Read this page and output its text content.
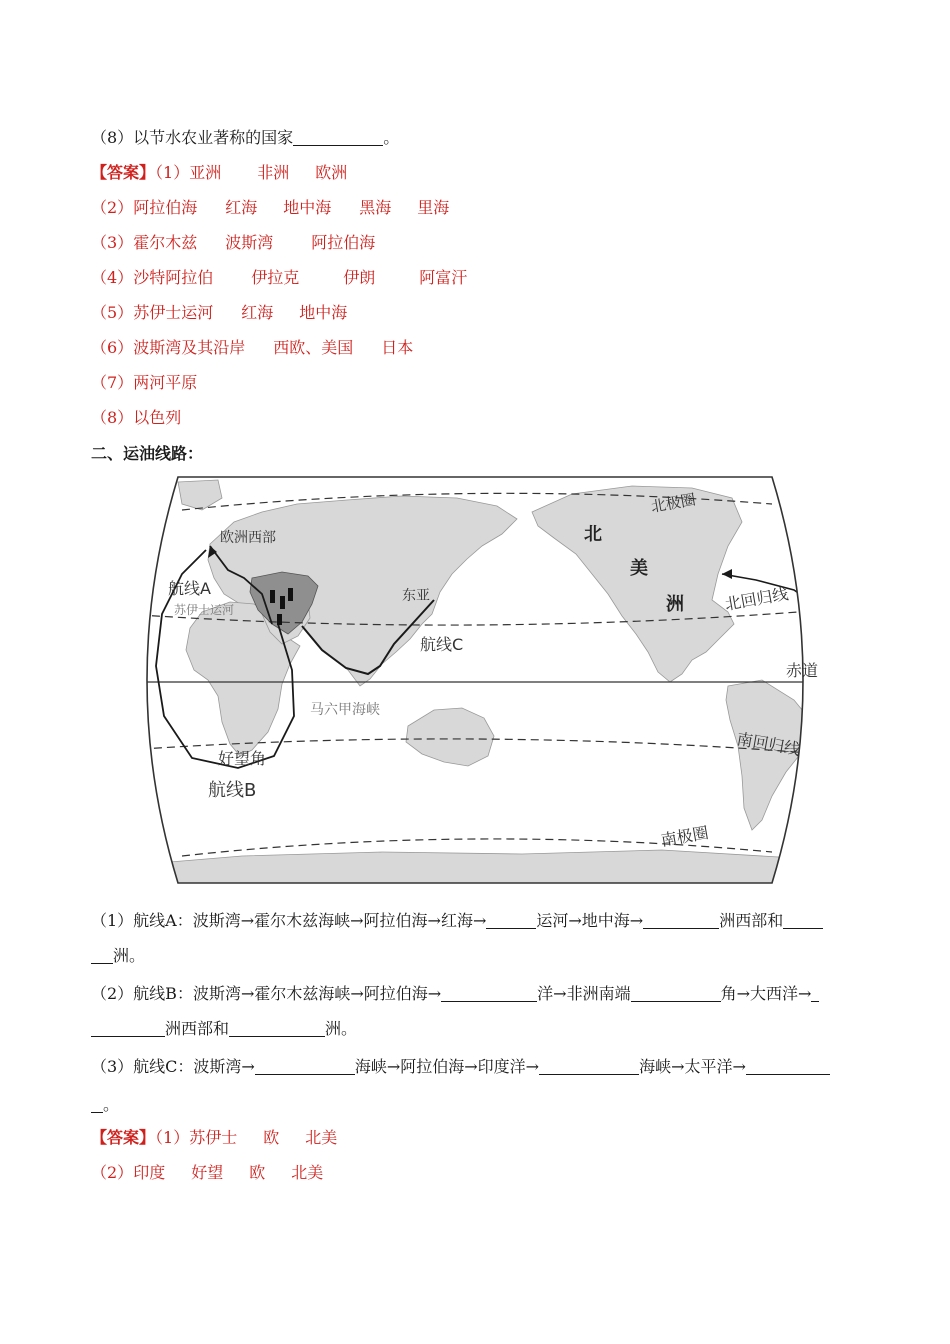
（8）以节水农业著称的国家	。
【答案】（1）亚洲 非洲 欧洲
（2）阿拉伯海 红海 地中海 黑海 里海
（3）霍尔木兹 波斯湾 阿拉伯海
（4）沙特阿拉伯 伊拉克	伊朗	阿富汗
（5）苏伊士运河 红海 地中海
（6）波斯湾及其沿岸 西欧、美国 日本
（7）两河平原
（8）以色列
二、运油线路：
欧洲西部
航线A
苏伊士运河
东亚
航线C
马六甲海峡
好望角
航线B
北
美
洲
北极圈
北回归线
赤道
南回归线
南极圈
（1）航线A：波斯湾→霍尔木兹海峡→阿拉伯海→红海→	运河→地中海→	洲西部和
洲。
（2）航线B：波斯湾→霍尔木兹海峡→阿拉伯海→	洋→非洲南端	角→大西洋→
洲西部和	洲。
（3）航线C：波斯湾→	海峡→阿拉伯海→印度洋→	海峡→太平洋→
。
【答案】（1）苏伊士 欧 北美
（2）印度 好望 欧 北美
